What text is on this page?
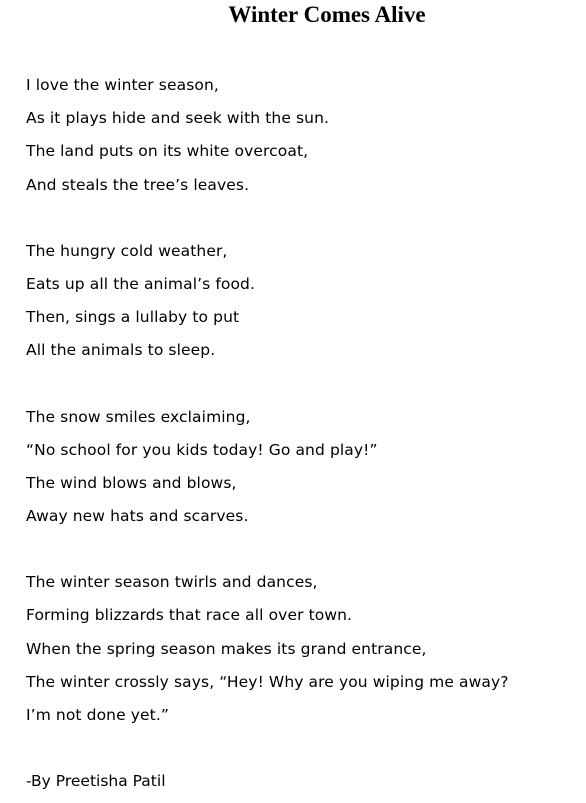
Winter Comes Alive
I love the winter season,
As it plays hide and seek with the sun.
The land puts on its white overcoat,
And steals the tree’s leaves.
The hungry cold weather,
Eats up all the animal’s food.
Then, sings a lullaby to put
All the animals to sleep.
The snow smiles exclaiming,
“No school for you kids today! Go and play!”
The wind blows and blows,
Away new hats and scarves.
The winter season twirls and dances,
Forming blizzards that race all over town.
When the spring season makes its grand entrance,
The winter crossly says, “Hey! Why are you wiping me away?
I’m not done yet.”
-By Preetisha Patil
